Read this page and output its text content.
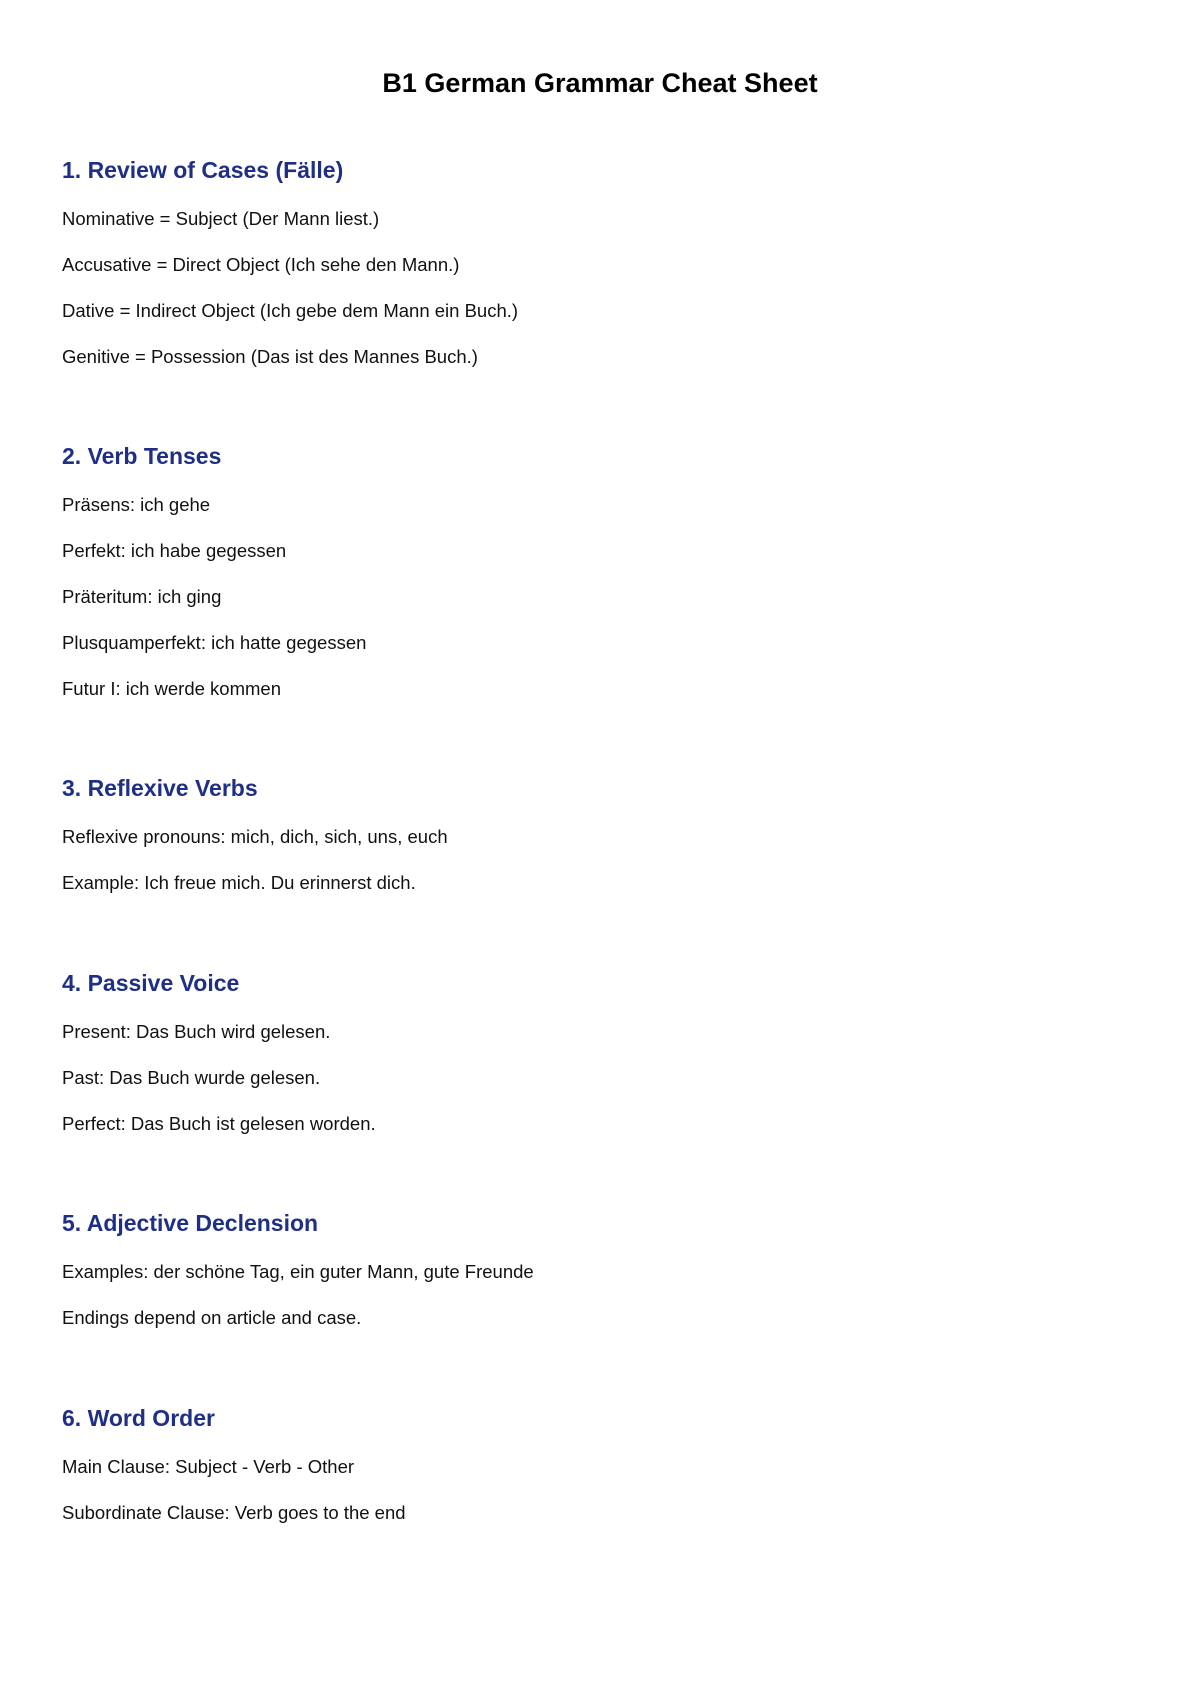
B1 German Grammar Cheat Sheet
1. Review of Cases (Fälle)

Nominative = Subject (Der Mann liest.)

Accusative = Direct Object (Ich sehe den Mann.)

Dative = Indirect Object (Ich gebe dem Mann ein Buch.)

Genitive = Possession (Das ist des Mannes Buch.)

2. Verb Tenses

Präsens: ich gehe

Perfekt: ich habe gegessen

Präteritum: ich ging

Plusquamperfekt: ich hatte gegessen

Futur I: ich werde kommen

3. Reflexive Verbs

Reflexive pronouns: mich, dich, sich, uns, euch

Example: Ich freue mich. Du erinnerst dich.

4. Passive Voice

Present: Das Buch wird gelesen.

Past: Das Buch wurde gelesen.

Perfect: Das Buch ist gelesen worden.

5. Adjective Declension

Examples: der schöne Tag, ein guter Mann, gute Freunde

Endings depend on article and case.

6. Word Order

Main Clause: Subject - Verb - Other

Subordinate Clause: Verb goes to the end
